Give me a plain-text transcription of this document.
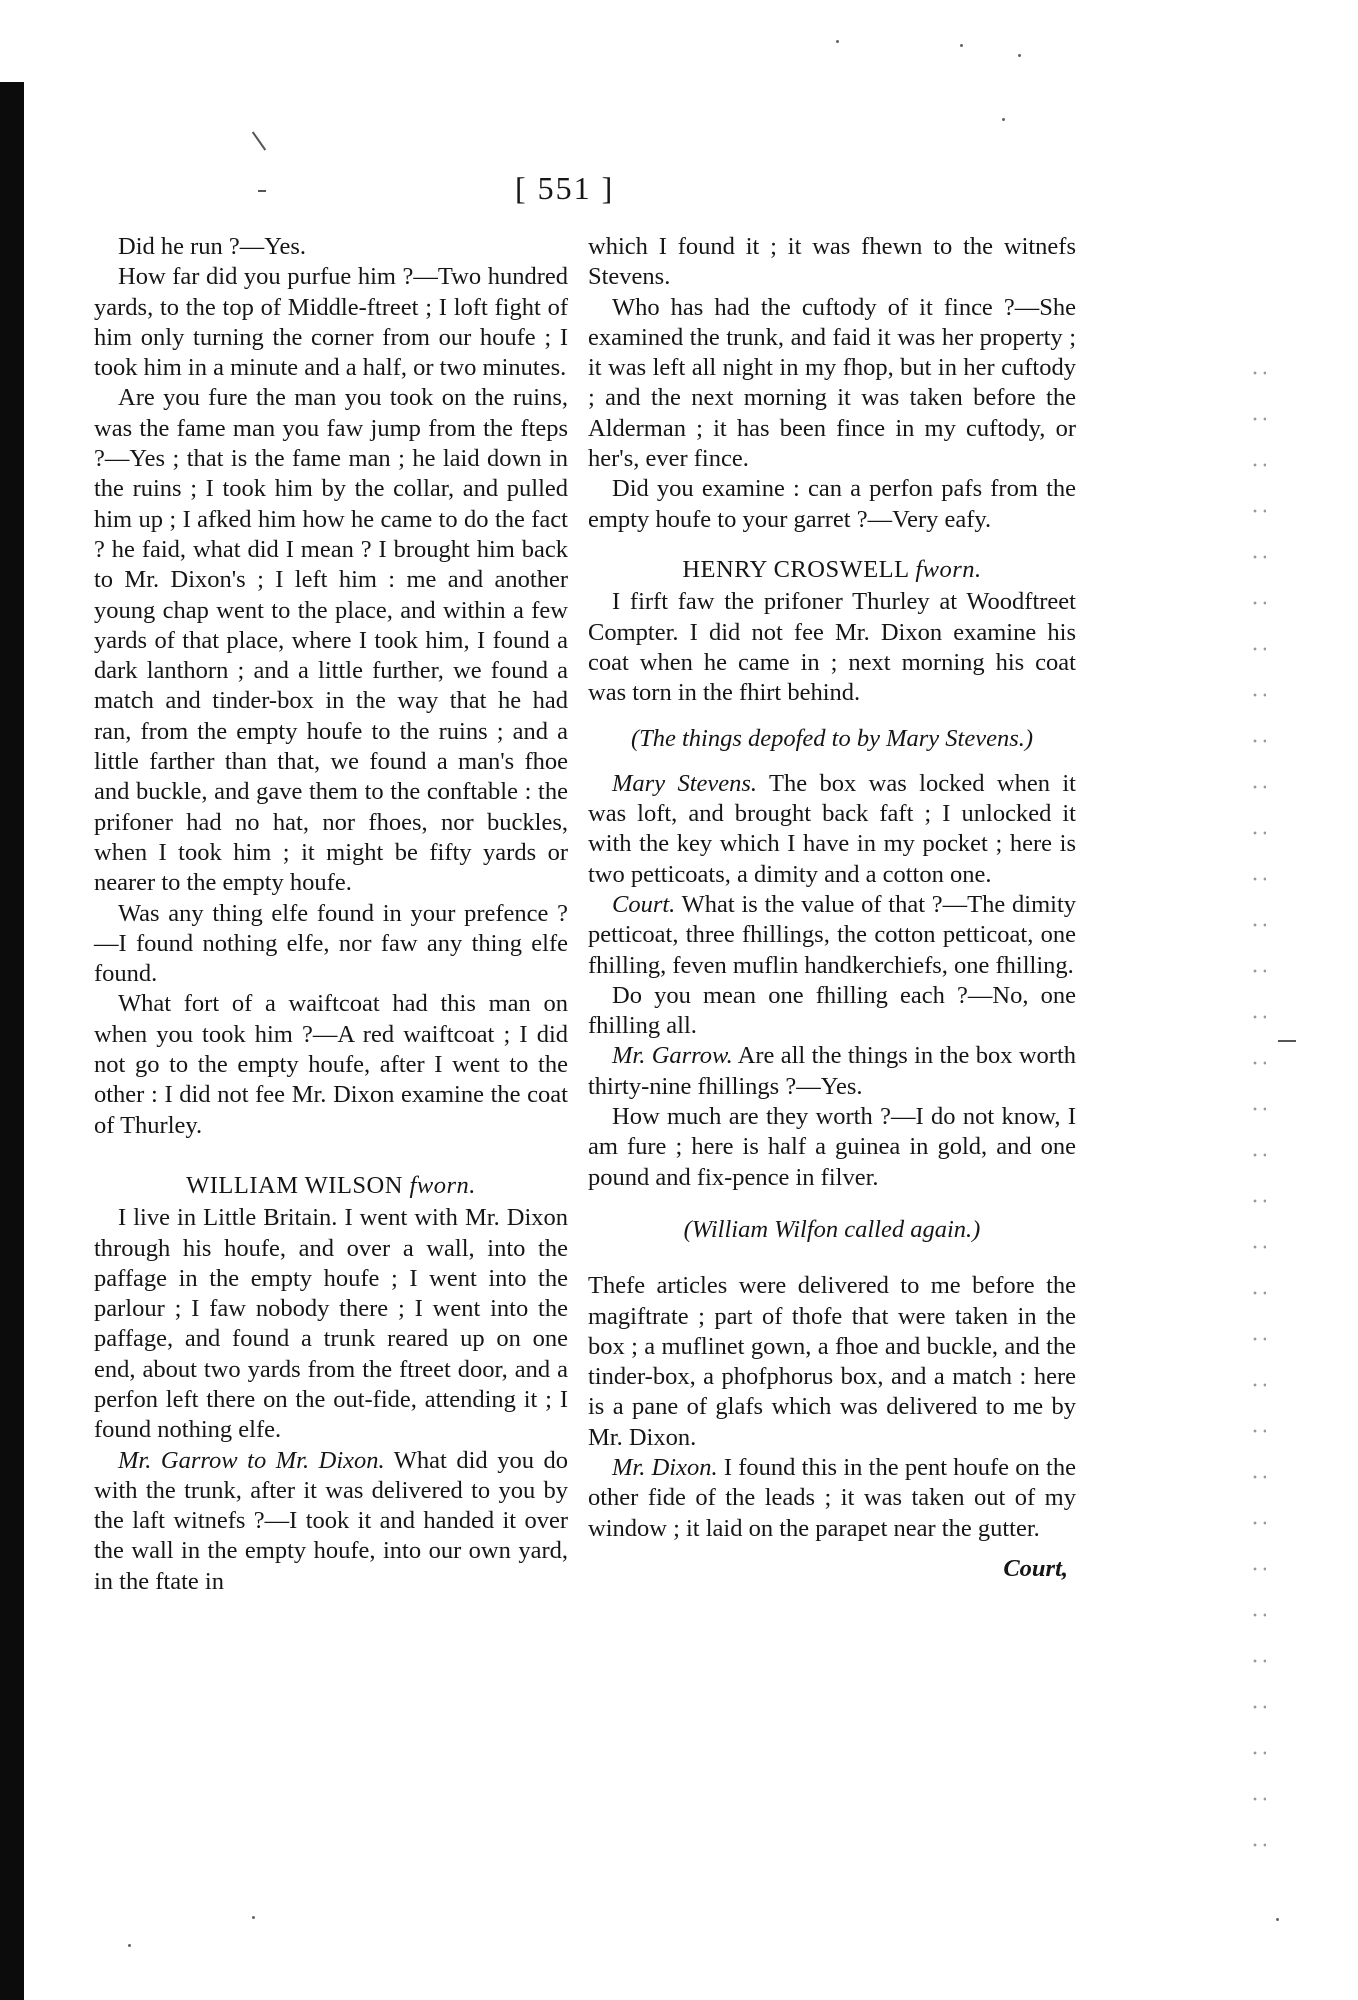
[ 551 ]

Did he run ?—Yes.

How far did you purfue him ?—Two hundred yards, to the top of Middle-ftreet ; I loft fight of him only turning the corner from our houfe ; I took him in a minute and a half, or two minutes.

Are you fure the man you took on the ruins, was the fame man you faw jump from the fteps ?—Yes ; that is the fame man ; he laid down in the ruins ; I took him by the collar, and pulled him up ; I afked him how he came to do the fact ? he faid, what did I mean ? I brought him back to Mr. Dixon's ; I left him : me and another young chap went to the place, and within a few yards of that place, where I took him, I found a dark lanthorn ; and a little further, we found a match and tinder-box in the way that he had ran, from the empty houfe to the ruins ; and a little farther than that, we found a man's fhoe and buckle, and gave them to the conftable : the prifoner had no hat, nor fhoes, nor buckles, when I took him ; it might be fifty yards or nearer to the empty houfe.

Was any thing elfe found in your prefence ?—I found nothing elfe, nor faw any thing elfe found.

What fort of a waiftcoat had this man on when you took him ?—A red waiftcoat ; I did not go to the empty houfe, after I went to the other : I did not fee Mr. Dixon examine the coat of Thurley.

WILLIAM WILSON fworn.

I live in Little Britain. I went with Mr. Dixon through his houfe, and over a wall, into the paffage in the empty houfe ; I went into the parlour ; I faw nobody there ; I went into the paffage, and found a trunk reared up on one end, about two yards from the ftreet door, and a perfon left there on the out-fide, attending it ; I found nothing elfe.

Mr. Garrow to Mr. Dixon. What did you do with the trunk, after it was delivered to you by the laft witnefs ?—I took it and handed it over the wall in the empty houfe, into our own yard, in the ftate in

which I found it ; it was fhewn to the witnefs Stevens.

Who has had the cuftody of it fince ?—She examined the trunk, and faid it was her property ; it was left all night in my fhop, but in her cuftody ; and the next morning it was taken before the Alderman ; it has been fince in my cuftody, or her's, ever fince.

Did you examine : can a perfon pafs from the empty houfe to your garret ?—Very eafy.

HENRY CROSWELL fworn.

I firft faw the prifoner Thurley at Woodftreet Compter. I did not fee Mr. Dixon examine his coat when he came in ; next morning his coat was torn in the fhirt behind.

(The things depofed to by Mary Stevens.)

Mary Stevens. The box was locked when it was loft, and brought back faft ; I unlocked it with the key which I have in my pocket ; here is two petticoats, a dimity and a cotton one.

Court. What is the value of that ?—The dimity petticoat, three fhillings, the cotton petticoat, one fhilling, feven muflin handkerchiefs, one fhilling.

Do you mean one fhilling each ?—No, one fhilling all.

Mr. Garrow. Are all the things in the box worth thirty-nine fhillings ?—Yes.

How much are they worth ?—I do not know, I am fure ; here is half a guinea in gold, and one pound and fix-pence in filver.

(William Wilfon called again.)

Thefe articles were delivered to me before the magiftrate ; part of thofe that were taken in the box ; a muflinet gown, a fhoe and buckle, and the tinder-box, a phofphorus box, and a match : here is a pane of glafs which was delivered to me by Mr. Dixon.

Mr. Dixon. I found this in the pent houfe on the other fide of the leads ; it was taken out of my window ; it laid on the parapet near the gutter.

Court,
